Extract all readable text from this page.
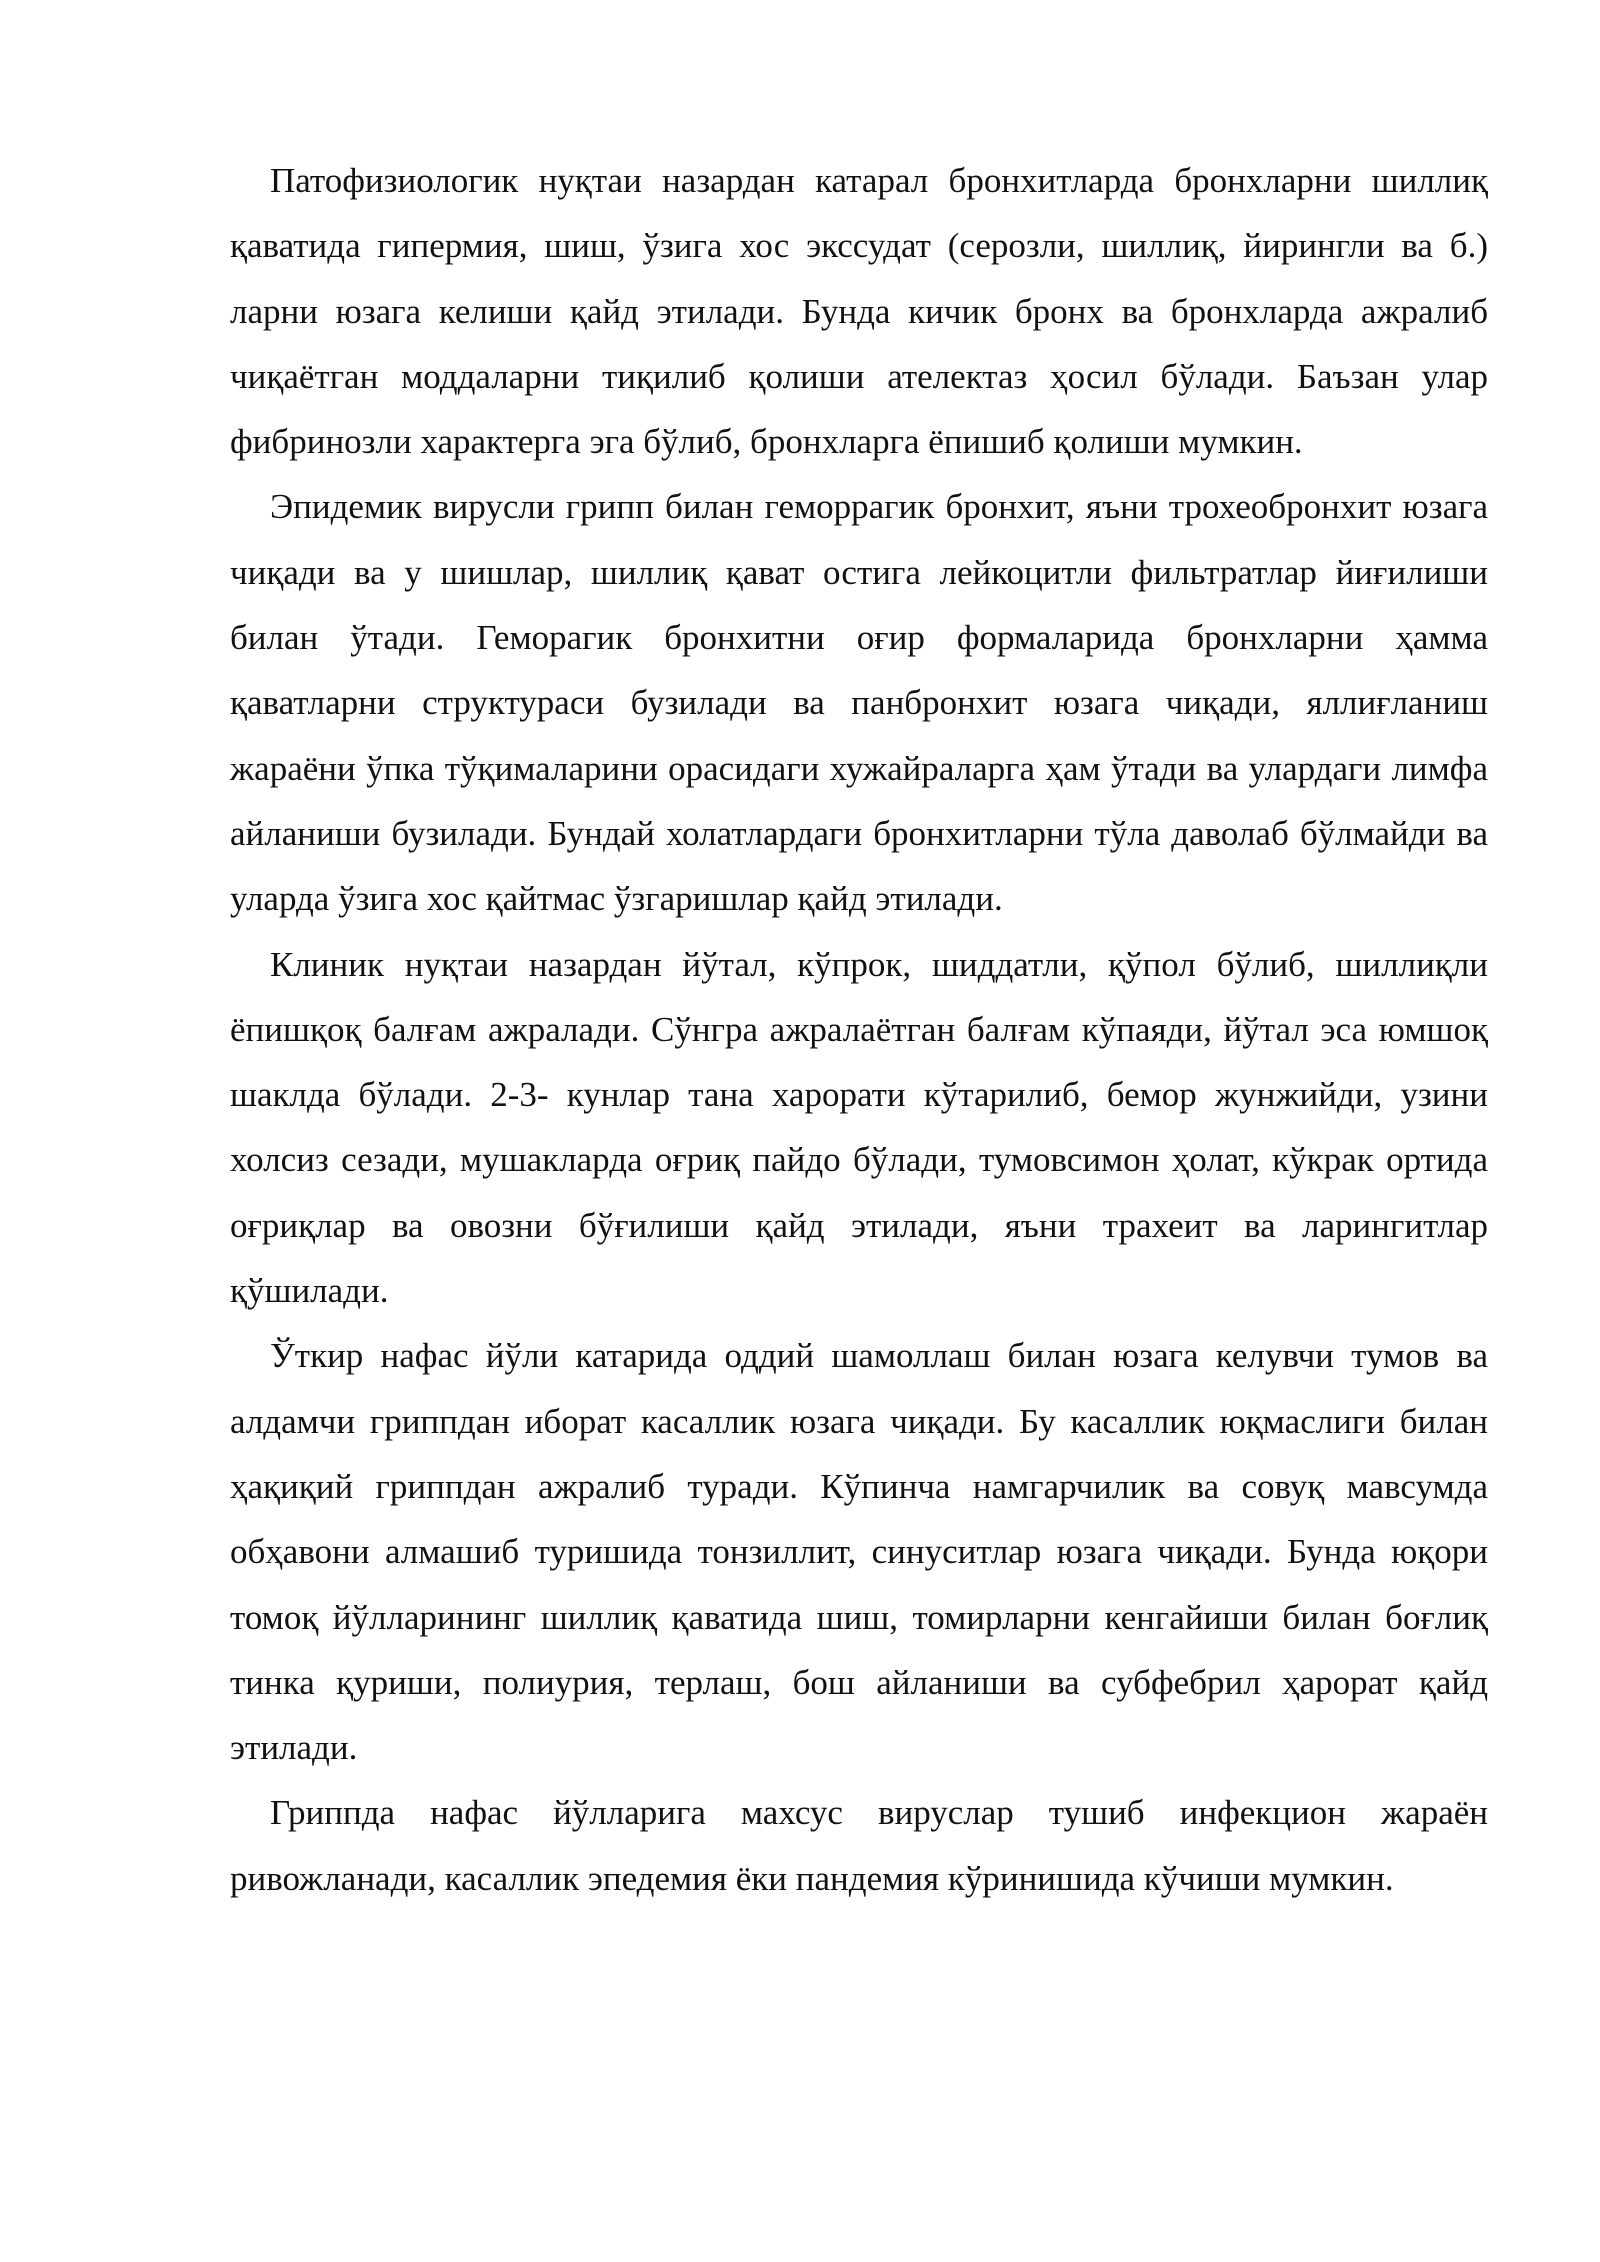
Патофизиологик нуқтаи назардан катарал бронхитларда бронхларни шиллиқ қаватида гипермия, шиш, ўзига хос экссудат (серозли, шиллиқ, йирингли ва б.) ларни юзага келиши қайд этилади. Бунда кичик бронх ва бронхларда ажралиб чиқаётган моддаларни тиқилиб қолиши ателектаз ҳосил бўлади. Баъзан улар фибринозли характерга эга бўлиб, бронхларга ёпишиб қолиши мумкин.

Эпидемик вирусли грипп билан геморрагик бронхит, яъни трохеобронхит юзага чиқади ва у шишлар, шиллиқ қават остига лейкоцитли фильтратлар йиғилиши билан ўтади. Геморагик бронхитни оғир формаларида бронхларни ҳамма қаватларни структураси бузилади ва панбронхит юзага чиқади, яллиғланиш жараёни ўпка тўқималарини орасидаги хужайраларга ҳам ўтади ва улардаги лимфа айланиши бузилади. Бундай холатлардаги бронхитларни тўла даволаб бўлмайди ва уларда ўзига хос қайтмас ўзгаришлар қайд этилади.

Клиник нуқтаи назардан йўтал, кўпрок, шиддатли, қўпол бўлиб, шиллиқли ёпишқоқ балғам ажралади. Сўнгра ажралаётган балғам кўпаяди, йўтал эса юмшоқ шаклда бўлади. 2-3- кунлар тана харорати кўтарилиб, бемор жунжийди, узини холсиз сезади, мушакларда оғриқ пайдо бўлади, тумовсимон ҳолат, кўкрак ортида оғриқлар ва овозни бўғилиши қайд этилади, яъни трахеит ва ларингитлар қўшилади.

Ўткир нафас йўли катарида оддий шамоллаш билан юзага келувчи тумов ва алдамчи гриппдан иборат касаллик юзага чиқади. Бу касаллик юқмаслиги билан ҳақиқий гриппдан ажралиб туради. Кўпинча намгарчилик ва совуқ мавсумда обҳавони алмашиб туришида тонзиллит, синуситлар юзага чиқади. Бунда юқори томоқ йўлларининг шиллиқ қаватида шиш, томирларни кенгайиши билан боғлиқ тинка қуриши, полиурия, терлаш, бош айланиши ва субфебрил ҳарорат қайд этилади.

Гриппда нафас йўлларига махсус вируслар тушиб инфекцион жараён ривожланади, касаллик эпедемия ёки пандемия кўринишида кўчиши мумкин.
